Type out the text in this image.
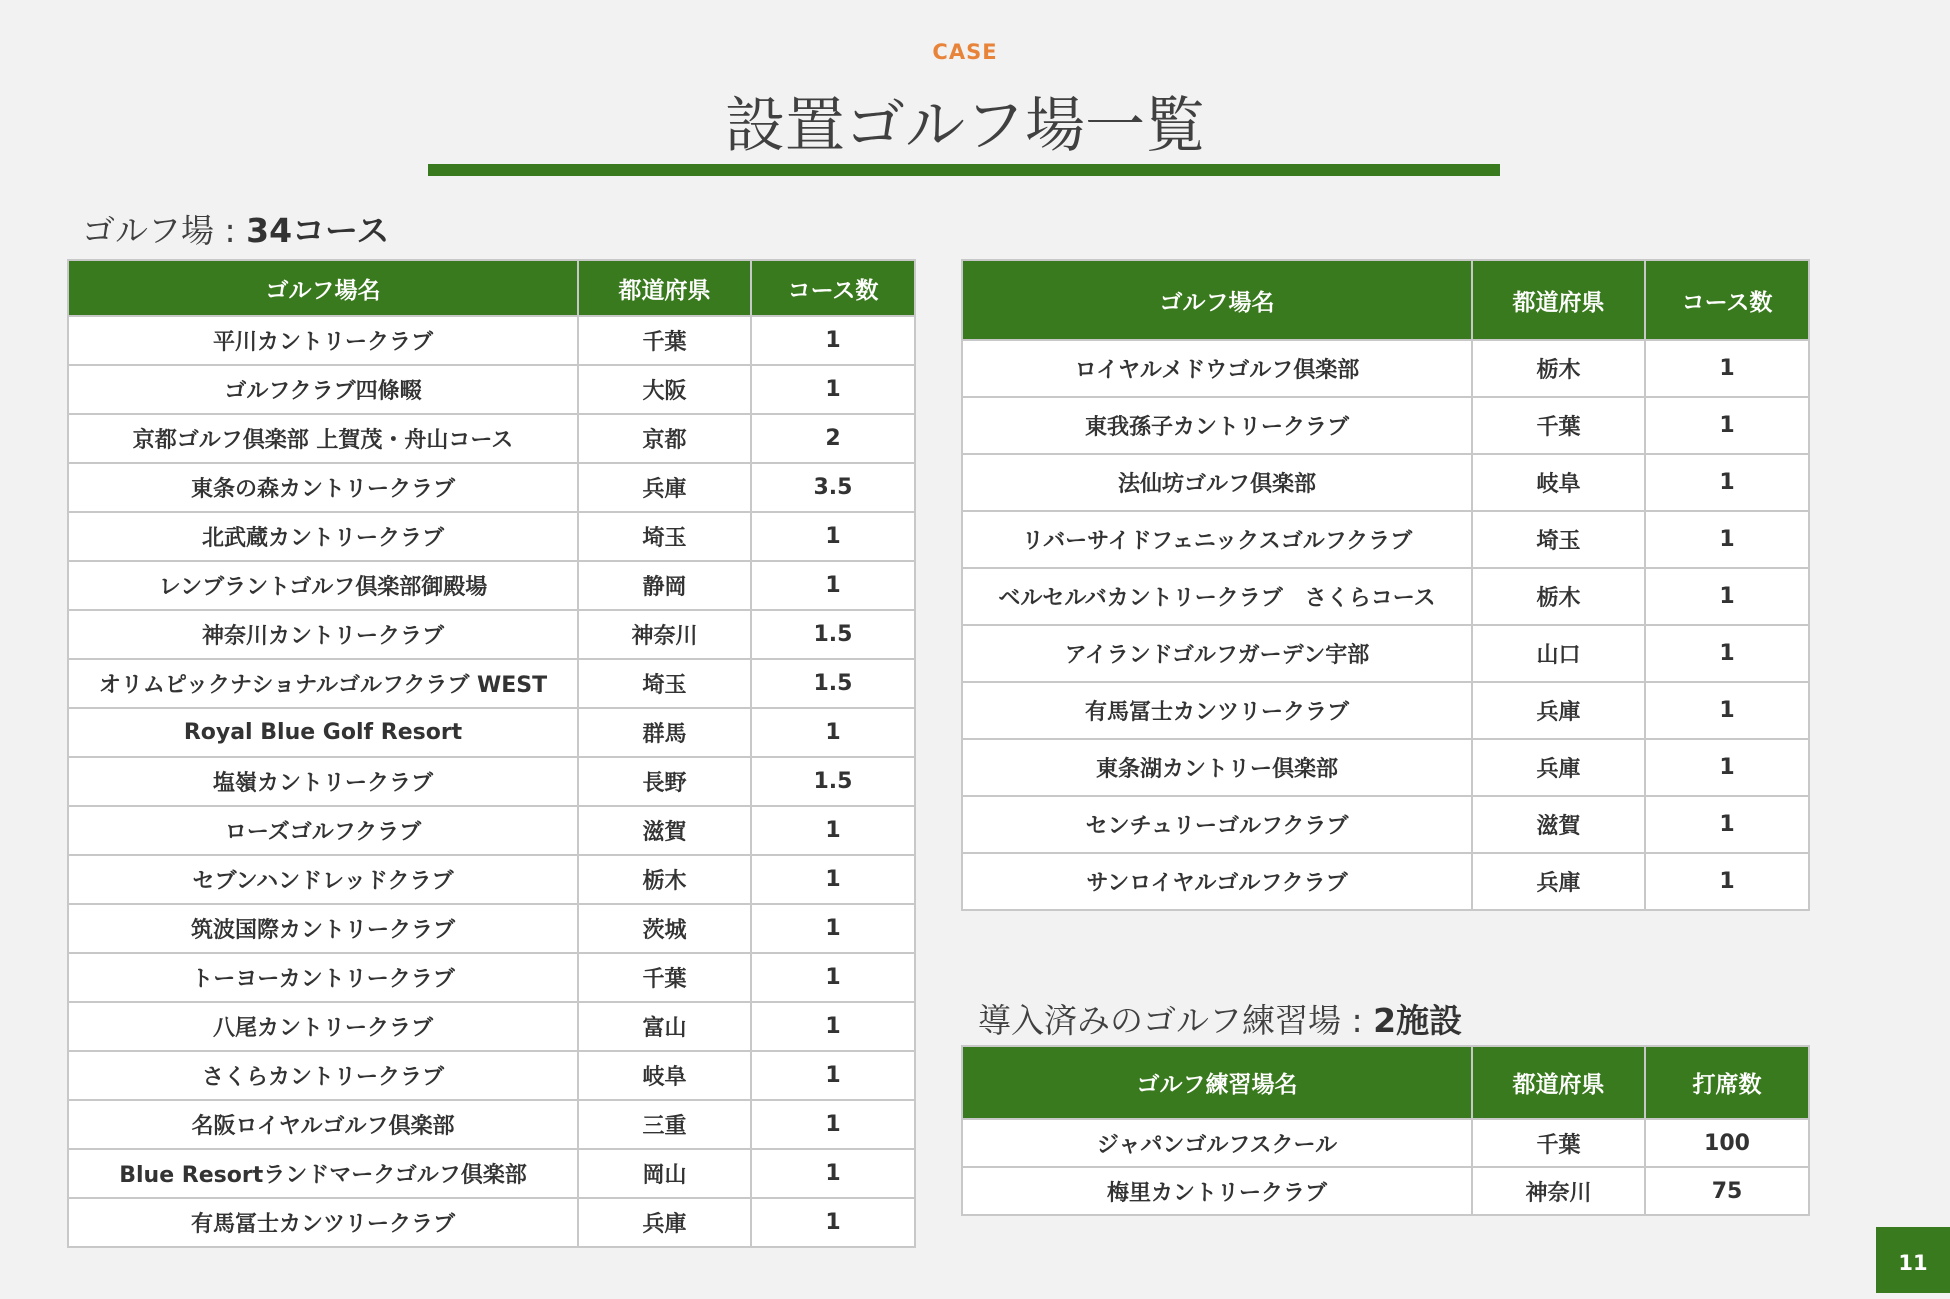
CASE
設置ゴルフ場一覧
ゴルフ場 : 34コース
ゴルフ場名	都道府県	コース数
平川カントリークラブ	千葉	1
ゴルフクラブ四條畷	大阪	1
京都ゴルフ倶楽部 上賀茂・舟山コース	京都	2
東条の森カントリークラブ	兵庫	3.5
北武蔵カントリークラブ	埼玉	1
レンブラントゴルフ倶楽部御殿場	静岡	1
神奈川カントリークラブ	神奈川	1.5
オリムピックナショナルゴルフクラブ WEST	埼玉	1.5
Royal Blue Golf Resort	群馬	1
塩嶺カントリークラブ	長野	1.5
ローズゴルフクラブ	滋賀	1
セブンハンドレッドクラブ	栃木	1
筑波国際カントリークラブ	茨城	1
トーヨーカントリークラブ	千葉	1
八尾カントリークラブ	富山	1
さくらカントリークラブ	岐阜	1
名阪ロイヤルゴルフ倶楽部	三重	1
Blue Resortランドマークゴルフ倶楽部	岡山	1
有馬冨士カンツリークラブ	兵庫	1
ゴルフ場名	都道府県	コース数
ロイヤルメドウゴルフ倶楽部	栃木	1
東我孫子カントリークラブ	千葉	1
法仙坊ゴルフ倶楽部	岐阜	1
リバーサイドフェニックスゴルフクラブ	埼玉	1
ベルセルバカントリークラブ　さくらコース	栃木	1
アイランドゴルフガーデン宇部	山口	1
有馬冨士カンツリークラブ	兵庫	1
東条湖カントリー倶楽部	兵庫	1
センチュリーゴルフクラブ	滋賀	1
サンロイヤルゴルフクラブ	兵庫	1
導入済みのゴルフ練習場 : 2施設
ゴルフ練習場名	都道府県	打席数
ジャパンゴルフスクール	千葉	100
梅里カントリークラブ	神奈川	75
11
